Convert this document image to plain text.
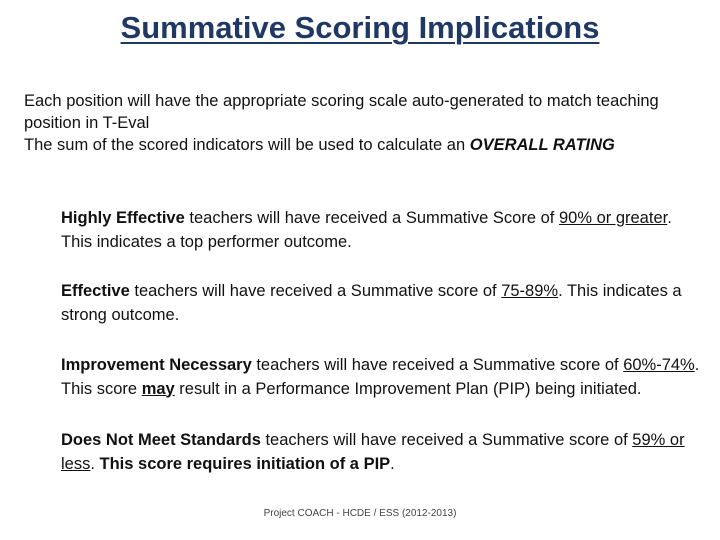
Summative Scoring Implications

Each position will have the appropriate scoring scale auto-generated to match teaching position in T-Eval

The sum of the scored indicators will be used to calculate an OVERALL RATING

Highly Effective teachers will have received a Summative Score of 90% or greater. This indicates a top performer outcome.

Effective teachers will have received a Summative score of 75-89%. This indicates a strong outcome.

Improvement Necessary teachers will have received a Summative score of 60%-74%. This score may result in a Performance Improvement Plan (PIP) being initiated.

Does Not Meet Standards teachers will have received a Summative score of 59% or less. This score requires initiation of a PIP.

Project COACH - HCDE / ESS (2012-2013)
